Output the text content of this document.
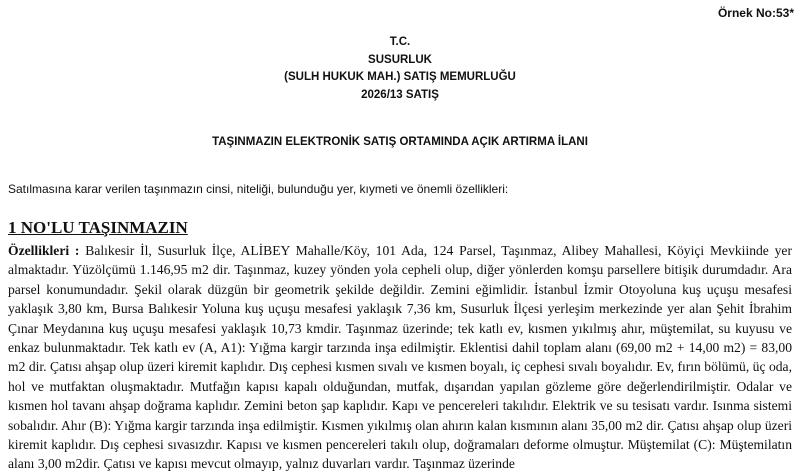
Örnek No:53*
T.C.
SUSURLUK
(SULH HUKUK MAH.) SATIŞ MEMURLUĞU
2026/13 SATIŞ
TAŞINMAZIN ELEKTRONİK SATIŞ ORTAMINDA AÇIK ARTIRMA İLANI
Satılmasına karar verilen taşınmazın cinsi, niteliği, bulunduğu yer, kıymeti ve önemli özellikleri:
1 NO'LU TAŞINMAZIN
Özellikleri : Balıkesir İl, Susurluk İlçe, ALİBEY Mahalle/Köy, 101 Ada, 124 Parsel, Taşınmaz, Alibey Mahallesi, Köyiçi Mevkiinde yer almaktadır. Yüzölçümü 1.146,95 m2 dir. Taşınmaz, kuzey yönden yola cepheli olup, diğer yönlerden komşu parsellere bitişik durumdadır. Ara parsel konumundadır. Şekil olarak düzgün bir geometrik şekilde değildir. Zemini eğimlidir. İstanbul İzmir Otoyoluna kuş uçuşu mesafesi yaklaşık 3,80 km, Bursa Balıkesir Yoluna kuş uçuşu mesafesi yaklaşık 7,36 km, Susurluk İlçesi yerleşim merkezinde yer alan Şehit İbrahim Çınar Meydanına kuş uçuşu mesafesi yaklaşık 10,73 kmdir. Taşınmaz üzerinde; tek katlı ev, kısmen yıkılmış ahır, müştemilat, su kuyusu ve enkaz bulunmaktadır. Tek katlı ev (A, A1): Yığma kargir tarzında inşa edilmiştir. Eklentisi dahil toplam alanı (69,00 m2 + 14,00 m2) = 83,00 m2 dir. Çatısı ahşap olup üzeri kiremit kaplıdır. Dış cephesi kısmen sıvalı ve kısmen boyalı, iç cephesi sıvalı boyalıdır. Ev, fırın bölümü, üç oda, hol ve mutfaktan oluşmaktadır. Mutfağın kapısı kapalı olduğundan, mutfak, dışarıdan yapılan gözleme göre değerlendirilmiştir. Odalar ve kısmen hol tavanı ahşap doğrama kaplıdır. Zemini beton şap kaplıdır. Kapı ve pencereleri takılıdır. Elektrik ve su tesisatı vardır. Isınma sistemi sobalıdır. Ahır (B): Yığma kargir tarzında inşa edilmiştir. Kısmen yıkılmış olan ahırın kalan kısmının alanı 35,00 m2 dir. Çatısı ahşap olup üzeri kiremit kaplıdır. Dış cephesi sıvasızdır. Kapısı ve kısmen pencereleri takılı olup, doğramaları deforme olmuştur. Müştemilat (C): Müştemilatın alanı 3,00 m2dir. Çatısı ve kapısı mevcut olmayıp, yalnız duvarları vardır. Taşınmaz üzerinde
